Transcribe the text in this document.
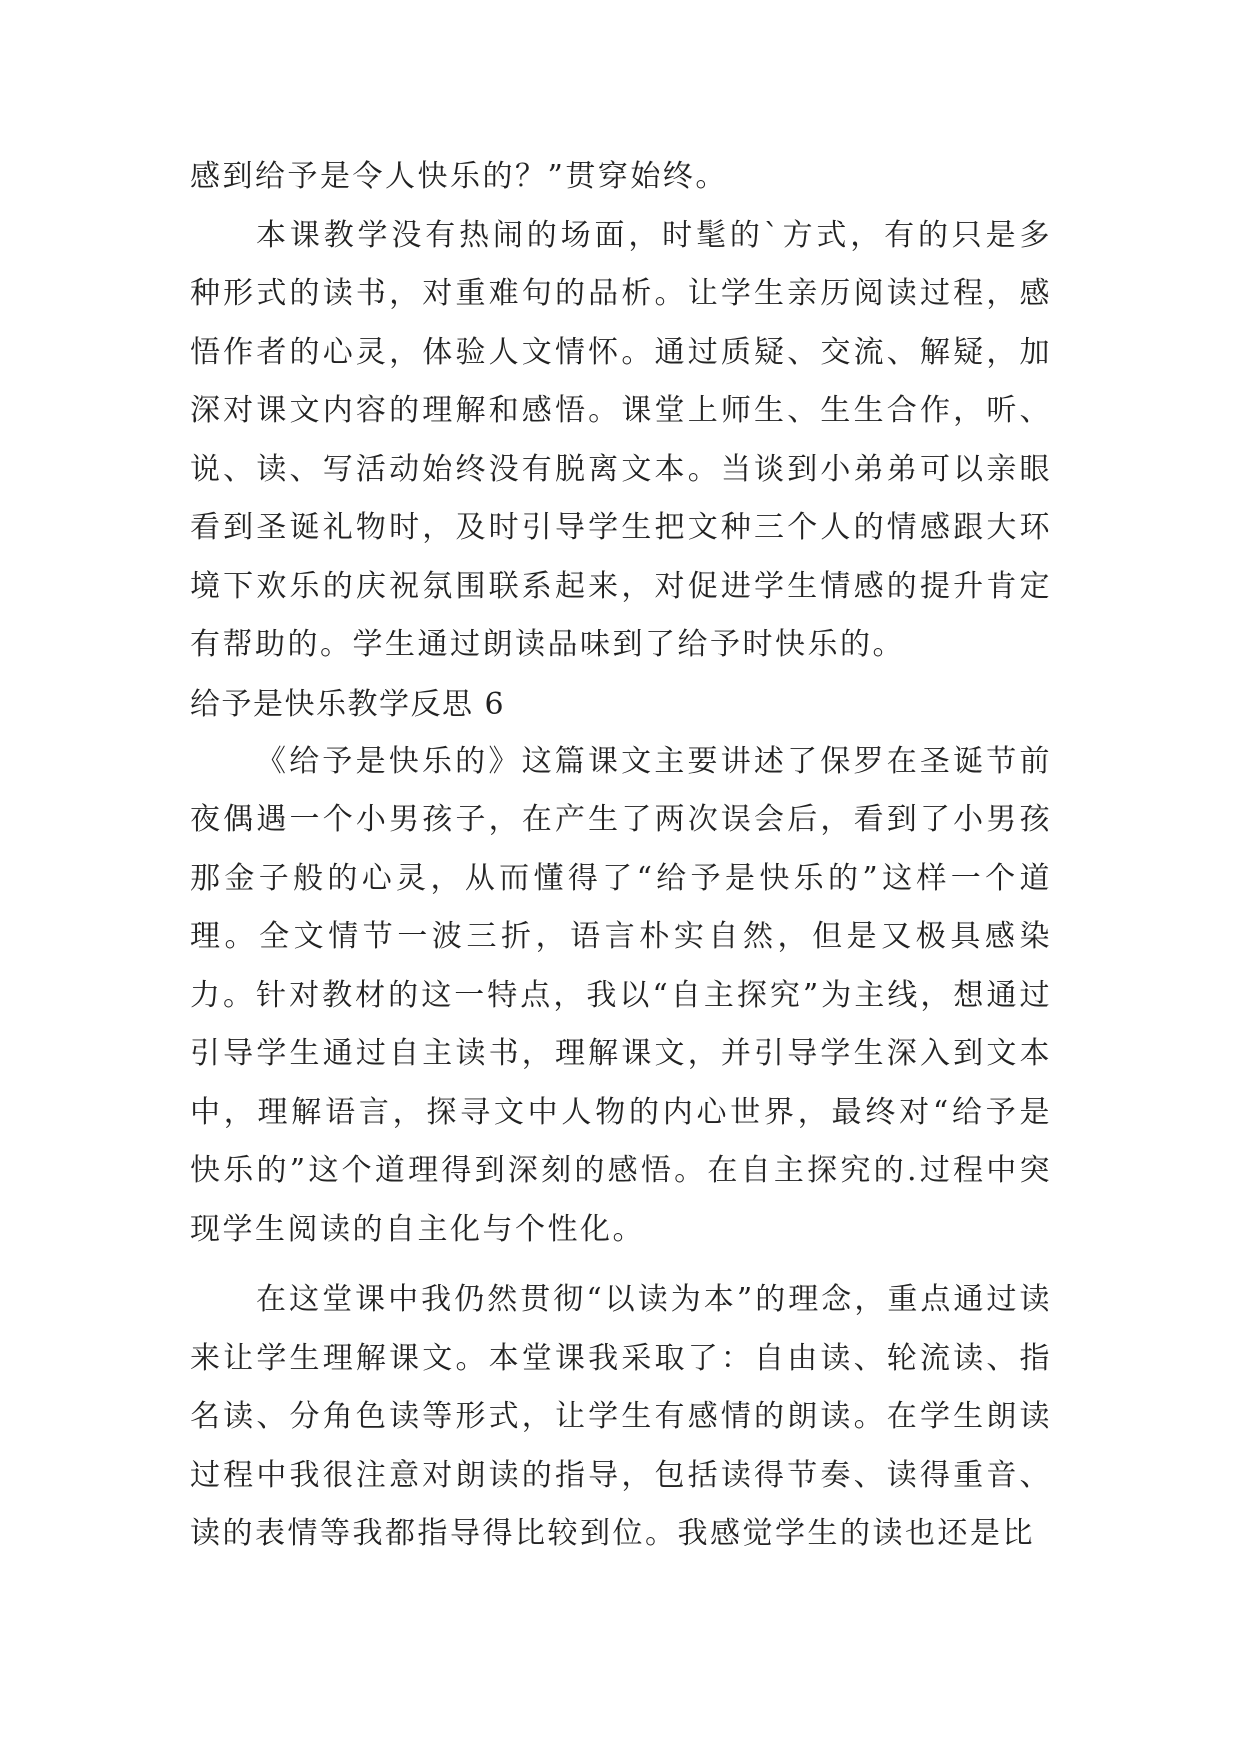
感到给予是令人快乐的？”贯穿始终。

本课教学没有热闹的场面，时髦的`方式，有的只是多种形式的读书，对重难句的品析。让学生亲历阅读过程，感悟作者的心灵，体验人文情怀。通过质疑、交流、解疑，加深对课文内容的理解和感悟。课堂上师生、生生合作，听、说、读、写活动始终没有脱离文本。当谈到小弟弟可以亲眼看到圣诞礼物时，及时引导学生把文种三个人的情感跟大环境下欢乐的庆祝氛围联系起来，对促进学生情感的提升肯定有帮助的。学生通过朗读品味到了给予时快乐的。

给予是快乐教学反思 6

《给予是快乐的》这篇课文主要讲述了保罗在圣诞节前夜偶遇一个小男孩子，在产生了两次误会后，看到了小男孩那金子般的心灵，从而懂得了“给予是快乐的”这样一个道理。全文情节一波三折，语言朴实自然，但是又极具感染力。针对教材的这一特点，我以“自主探究”为主线，想通过引导学生通过自主读书，理解课文，并引导学生深入到文本中，理解语言，探寻文中人物的内心世界，最终对“给予是快乐的”这个道理得到深刻的感悟。在自主探究的.过程中突现学生阅读的自主化与个性化。

在这堂课中我仍然贯彻“以读为本”的理念，重点通过读来让学生理解课文。本堂课我采取了：自由读、轮流读、指名读、分角色读等形式，让学生有感情的朗读。在学生朗读过程中我很注意对朗读的指导，包括读得节奏、读得重音、读的表情等我都指导得比较到位。我感觉学生的读也还是比
